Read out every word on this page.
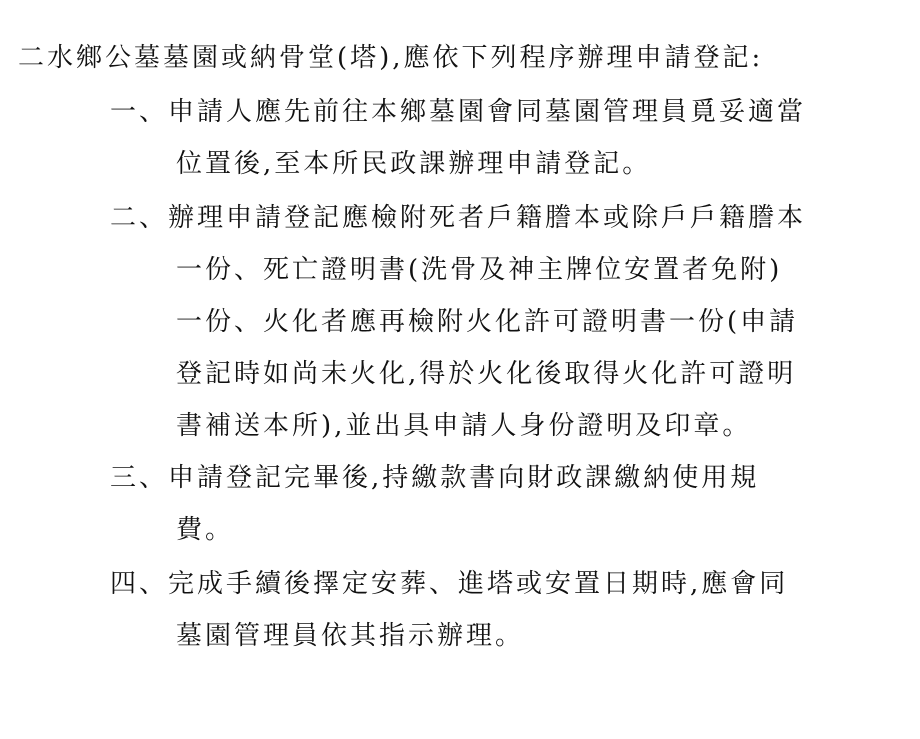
二水鄉公墓墓園或納骨堂(塔),應依下列程序辦理申請登記:
一、申請人應先前往本鄉墓園會同墓園管理員覓妥適當
位置後,至本所民政課辦理申請登記。
二、辦理申請登記應檢附死者戶籍謄本或除戶戶籍謄本
一份、死亡證明書(洗骨及神主牌位安置者免附)
一份、火化者應再檢附火化許可證明書一份(申請
登記時如尚未火化,得於火化後取得火化許可證明
書補送本所),並出具申請人身份證明及印章。
三、申請登記完畢後,持繳款書向財政課繳納使用規
費。
四、完成手續後擇定安葬、進塔或安置日期時,應會同
墓園管理員依其指示辦理。
